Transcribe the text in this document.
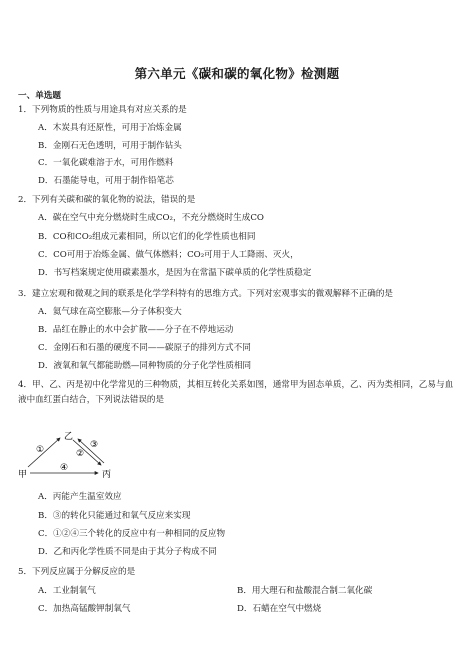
第六单元《碳和碳的氧化物》检测题
一、单选题
1．下列物质的性质与用途具有对应关系的是
A．木炭具有还原性，可用于冶炼金属
B．金刚石无色透明，可用于制作钻头
C．一氧化碳难溶于水，可用作燃料
D．石墨能导电，可用于制作铅笔芯
2．下列有关碳和碳的氧化物的说法，错误的是
A．碳在空气中充分燃烧时生成CO₂，不充分燃烧时生成CO
B．CO和CO₂组成元素相同，所以它们的化学性质也相同
C．CO可用于冶炼金属、做气体燃料；CO₂可用于人工降雨、灭火，
D．书写档案规定使用碳素墨水，是因为在常温下碳单质的化学性质稳定
3．建立宏观和微观之间的联系是化学学科特有的思维方式。下列对宏观事实的微观解释不正确的是
A．氦气球在高空膨胀—分子体积变大
B．品红在静止的水中会扩散——分子在不停地运动
C．金刚石和石墨的硬度不同——碳原子的排列方式不同
D．液氧和氧气都能助燃—同种物质的分子化学性质相同
4．甲、乙、丙是初中化学常见的三种物质，其相互转化关系如图，通常甲为固态单质，乙、丙为类相同，乙易与血液中血红蛋白结合，下列说法错误的是
乙
甲	丙
①	②
③
④
A．丙能产生温室效应
B．③的转化只能通过和氧气反应来实现
C．①②④三个转化的反应中有一种相同的反应物
D．乙和丙化学性质不同是由于其分子构成不同
5．下列反应属于分解反应的是
A．工业制氧气	B．用大理石和盐酸混合制二氧化碳
C．加热高锰酸钾制氧气	D．石蜡在空气中燃烧
